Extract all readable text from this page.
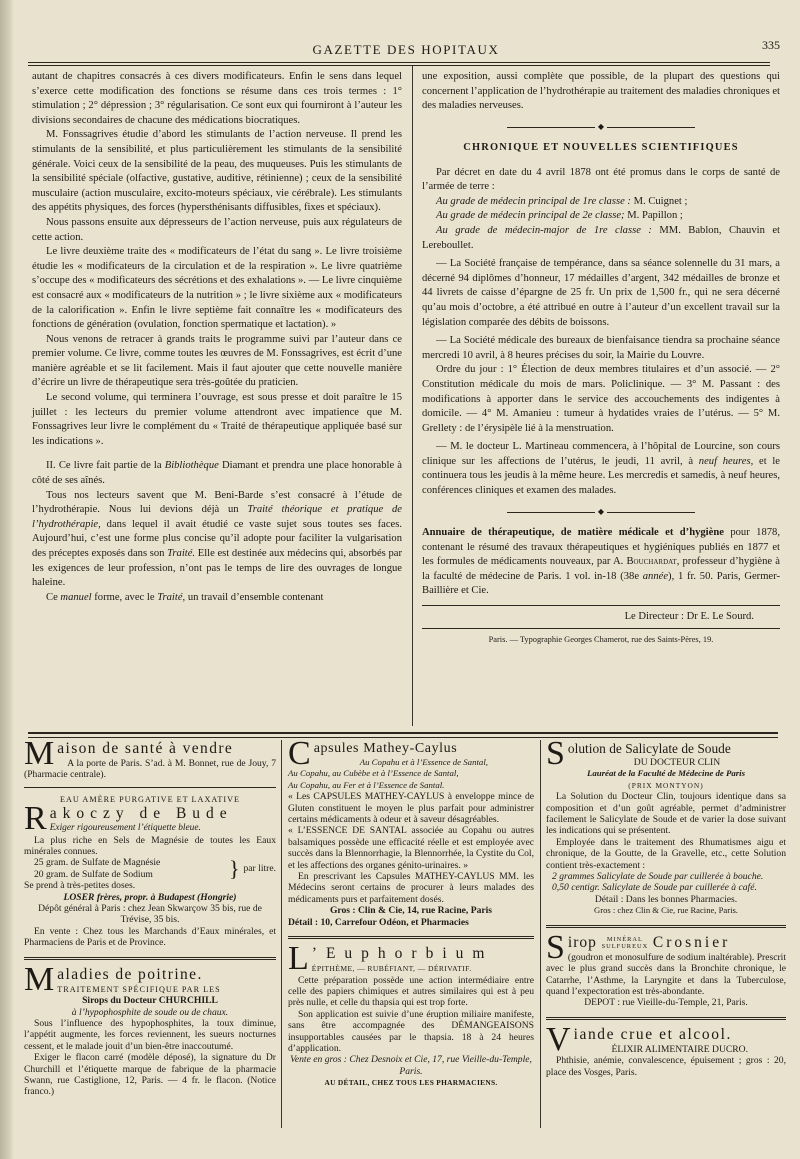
GAZETTE DES HOPITAUX	335

autant de chapitres consacrés à ces divers modificateurs. Enfin le sens dans lequel s’exerce cette modification des fonctions se résume dans ces trois termes : 1° stimulation ; 2° dépression ; 3° régularisation. Ce sont eux qui fourniront à l’auteur les divisions secondaires de chacune des médications biocratiques.

M. Fonssagrives étudie d’abord les stimulants de l’action nerveuse. Il prend les stimulants de la sensibilité, et plus particulièrement les stimulants de la sensibilité générale. Voici ceux de la sensibilité de la peau, des muqueuses. Puis les stimulants de la sensibilité spéciale (olfactive, gustative, auditive, rétinienne) ; ceux de la sensibilité musculaire (action musculaire, excito-moteurs spéciaux, vie cérébrale). Les stimulants des appétits physiques, des forces (hypersthénisants diffusibles, fixes et spéciaux).

Nous passons ensuite aux dépresseurs de l’action nerveuse, puis aux régulateurs de cette action.

Le livre deuxième traite des « modificateurs de l’état du sang ». Le livre troisième étudie les « modificateurs de la circulation et de la respiration ». Le livre quatrième s’occupe des « modificateurs des sécrétions et des exhalations ». — Le livre cinquième est consacré aux « modificateurs de la nutrition » ; le livre sixième aux « modificateurs de la calorification ». Enfin le livre septième fait connaître les « modificateurs des fonctions de génération (ovulation, fonction spermatique et lactation). »

Nous venons de retracer à grands traits le programme suivi par l’auteur dans ce premier volume. Ce livre, comme toutes les œuvres de M. Fonssagrives, est écrit d’une manière agréable et se lit facilement. Mais il faut ajouter que cette nouvelle manière d’écrire un livre de thérapeutique sera très-goûtée du praticien.

Le second volume, qui terminera l’ouvrage, est sous presse et doit paraître le 15 juillet : les lecteurs du premier volume attendront avec impatience que M. Fonssagrives leur livre le complément du « Traité de thérapeutique appliquée basé sur les indications ».

II. Ce livre fait partie de la Bibliothèque Diamant et prendra une place honorable à côté de ses aînés.

Tous nos lecteurs savent que M. Beni-Barde s’est consacré à l’étude de l’hydrothérapie. Nous lui devions déjà un Traité théorique et pratique de l’hydrothérapie, dans lequel il avait étudié ce vaste sujet sous toutes ses faces. Aujourd’hui, c’est une forme plus concise qu’il adopte pour faciliter la vulgarisation des préceptes exposés dans son Traité. Elle est destinée aux médecins qui, absorbés par les exigences de leur profession, n’ont pas le temps de lire des ouvrages de longue haleine.

Ce manuel forme, avec le Traité, un travail d’ensemble contenant

une exposition, aussi complète que possible, de la plupart des questions qui concernent l’application de l’hydrothérapie au traitement des maladies chroniques et des maladies nerveuses.

◆
CHRONIQUE ET NOUVELLES SCIENTIFIQUES

Par décret en date du 4 avril 1878 ont été promus dans le corps de santé de l’armée de terre :

Au grade de médecin principal de 1re classe : M. Cuignet ;

Au grade de médecin principal de 2e classe; M. Papillon ;

Au grade de médecin-major de 1re classe : MM. Bablon, Chauvin et Lereboullet.

— La Société française de tempérance, dans sa séance solennelle du 31 mars, a décerné 94 diplômes d’honneur, 17 médailles d’argent, 342 médailles de bronze et 44 livrets de caisse d’épargne de 25 fr. Un prix de 1,500 fr., qui ne sera décerné qu’au mois d’octobre, a été attribué en outre à l’auteur d’un excellent travail sur la législation comparée des débits de boissons.

— La Société médicale des bureaux de bienfaisance tiendra sa prochaine séance mercredi 10 avril, à 8 heures précises du soir, la Mairie du Louvre.

Ordre du jour : 1° Élection de deux membres titulaires et d’un associé. — 2° Constitution médicale du mois de mars. Policlinique. — 3° M. Passant : des modifications à apporter dans le service des accouchements des indigentes à domicile. — 4° M. Amanieu : tumeur à hydatides vraies de l’utérus. — 5° M. Grellety : de l’érysipèle lié à la menstruation.

— M. le docteur L. Martineau commencera, à l’hôpital de Lourcine, son cours clinique sur les affections de l’utérus, le jeudi, 11 avril, à neuf heures, et le continuera tous les jeudis à la même heure. Les mercredis et samedis, à neuf heures, conférences cliniques et examen des malades.

◆

Annuaire de thérapeutique, de matière médicale et d’hygiène pour 1878, contenant le résumé des travaux thérapeutiques et hygiéniques publiés en 1877 et les formules de médicaments nouveaux, par A. Bouchardat, professeur d’hygiène à la faculté de médecine de Paris. 1 vol. in-18 (38e année), 1 fr. 50. Paris, Germer-Baillière et Cie.

Le Directeur : Dr E. Le Sourd.
Paris. — Typographie Georges Chamerot, rue des Saints-Pères, 19.
M aison de santé à vendre

A la porte de Paris. S’ad. à M. Bonnet, rue de Jouy, 7 (Pharmacie centrale).

EAU AMÈRE PURGATIVE ET LAXATIVE
R akoczy de Bude
Exiger rigoureusement l’étiquette bleue.

La plus riche en Sels de Magnésie de toutes les Eaux minérales connues.

25 gram. de Sulfate de Magnésie
20 gram. de Sulfate de Sodium	} par litre.

Se prend à très-petites doses.

LOSER frères, propr. à Budapest (Hongrie)

Dépôt général à Paris : chez Jean Skwarçow 35 bis, rue de Trévise, 35 bis.

En vente : Chez tous les Marchands d’Eaux minérales, et Pharmaciens de Paris et de Province.

M aladies de poitrine.
TRAITEMENT SPÉCIFIQUE PAR LES
Sirops du Docteur CHURCHILL
à l’hypophosphite de soude ou de chaux.

Sous l’influence des hypophosphites, la toux diminue, l’appétit augmente, les forces reviennent, les sueurs nocturnes cessent, et le malade jouit d’un bien-être inaccoutumé.

Exiger le flacon carré (modèle déposé), la signature du Dr Churchill et l’étiquette marque de fabrique de la pharmacie Swann, rue Castiglione, 12, Paris. — 4 fr. le flacon. (Notice franco.)

C apsules Mathey-Caylus
Au Copahu et à l’Essence de Santal,
Au Copahu, au Cubèbe et à l’Essence de Santal,
Au Copahu, au Fer et à l’Essence de Santal.

« Les CAPSULES MATHEY-CAYLUS à enveloppe mince de Gluten constituent le moyen le plus parfait pour administrer certains médicaments à odeur et à saveur désagréables.

« L’ESSENCE DE SANTAL associée au Copahu ou autres balsamiques possède une efficacité réelle et est employée avec succès dans la Blennorrhagie, la Blennorrhée, la Cystite du Col, et les affections des organes génito-urinaires. »

En prescrivant les Capsules MATHEY-CAYLUS MM. les Médecins seront certains de procurer à leurs malades des médicaments purs et parfaitement dosés.

Gros : Clin & Cie, 14, rue Racine, Paris

Détail : 10, Carrefour Odéon, et Pharmacies

L ’Euphorbium
ÉPITHÈME, — RUBÉFIANT, — DÉRIVATIF.

Cette préparation possède une action intermédiaire entre celle des papiers chimiques et autres similaires qui est à peu près nulle, et celle du thapsia qui est trop forte.

Son application est suivie d’une éruption miliaire manifeste, sans être accompagnée des DÉMANGEAISONS insupportables causées par le thapsia. 18 à 24 heures d’application.

Vente en gros : Chez Desnoix et Cie, 17, rue Vieille-du-Temple, Paris.

AU DÉTAIL, CHEZ TOUS LES PHARMACIENS.

S olution de Salicylate de Soude
DU DOCTEUR CLIN
Lauréat de la Faculté de Médecine de Paris
(PRIX MONTYON)

La Solution du Docteur Clin, toujours identique dans sa composition et d’un goût agréable, permet d’administrer facilement le Salicylate de Soude et de varier la dose suivant les indications qui se présentent.

Employée dans le traitement des Rhumatismes aigu et chronique, de la Goutte, de la Gravelle, etc., cette Solution contient très-exactement :

2 grammes Salicylate de Soude par cuillerée à bouche.

0,50 centigr. Salicylate de Soude par cuillerée à café.

Détail : Dans les bonnes Pharmacies.

Gros : chez Clin & Cie, rue Racine, Paris.

S irop	MINÉRAL SULFUREUX Crosnier

(goudron et monosulfure de sodium inaltérable). Prescrit avec le plus grand succès dans la Bronchite chronique, le Catarrhe, l’Asthme, la Laryngite et dans la Tuberculose, quand l’expectoration est très-abondante.

DEPOT : rue Vieille-du-Temple, 21, Paris.

V iande crue et alcool.
ÉLIXIR ALIMENTAIRE DUCRO.

Phthisie, anémie, convalescence, épuisement ; gros : 20, place des Vosges, Paris.
